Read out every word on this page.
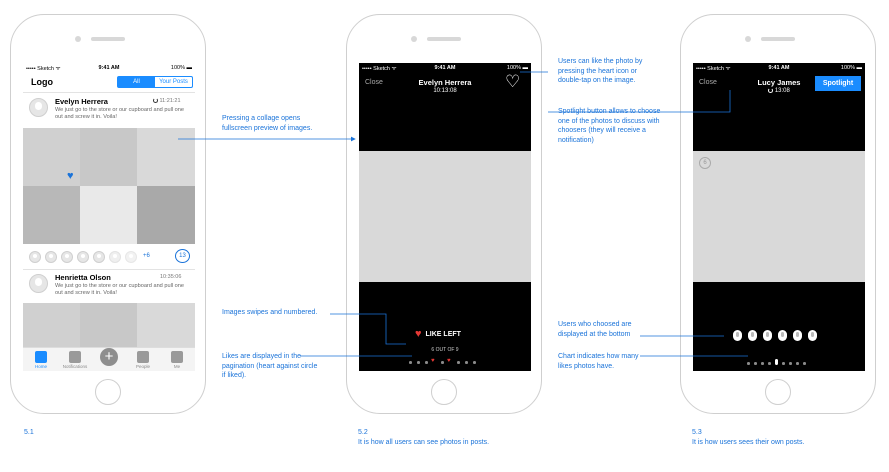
••••• Sketch ᯤ	9:41 AM	100% ▬
Logo	All	Your Posts
Evelyn Herrera	11:21:21
We just go to the store or our cupboard and pull one out and screw it in. Voila!
♥
+6	13
Henrietta Olson	10:35:06
We just go to the store or our cupboard and pull one out and screw it in. Voila!
Home	Notifications
+
People	Me
••••• Sketch ᯤ	9:41 AM	100% ▬
Close	Evelyn Herrera
10:13:08	♡
♥ LIKE LEFT
6 OUT OF 9
♥ ♥
••••• Sketch ᯤ	9:41 AM	100% ▬
Close	Lucy James
13:08
Spotlight
6
Pressing a collage opens fullscreen preview of images.
Images swipes and numbered.
Likes are displayed in the pagination (heart against circle if liked).
Users can like the photo by pressing the heart icon or double-tap on the image.
Spotlight button allows to choose one of the photos to discuss with choosers (they will receive a notification)
Users who choosed are displayed at the bottom
Chart indicates how many likes photos have.
5.1	5.2
It is how all users can see photos in posts.
5.3
It is how users sees their own posts.
